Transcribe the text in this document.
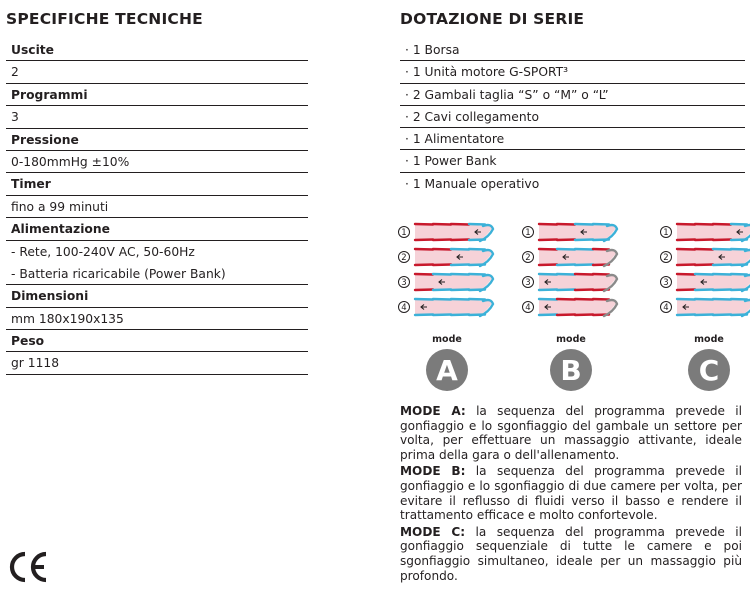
SPECIFICHE TECNICHE
Uscite
2
Programmi
3
Pressione
0-180mmHg ±10%
Timer
fino a 99 minuti
Alimentazione
- Rete, 100-240V AC, 50-60Hz
- Batteria ricaricabile (Power Bank)
Dimensioni
mm 180x190x135
Peso
gr 1118
DOTAZIONE DI SERIE
· 1 Borsa
· 1 Unità motore G-SPORT³
· 2 Gambali taglia “S” o “M” o “L”
· 2 Cavi collegamento
· 1 Alimentatore
· 1 Power Bank
· 1 Manuale operativo
1
2
3
4
mode
A
1
2
3
4
mode
B
1
2
3
4
mode
C

MODE A: la sequenza del programma prevede il gonfiaggio e lo sgonfiaggio del gambale un settore per volta, per effettuare un massaggio attivante, ideale prima della gara o dell'allenamento.

MODE B: la sequenza del programma prevede il gonfiaggio e lo sgonfiaggio di due camere per volta, per evitare il reflusso di fluidi verso il basso e rendere il trattamento efficace e molto confortevole.

MODE C: la sequenza del programma prevede il gonfiaggio sequenziale di tutte le camere e poi sgonfiaggio simultaneo, ideale per un massaggio più profondo.
